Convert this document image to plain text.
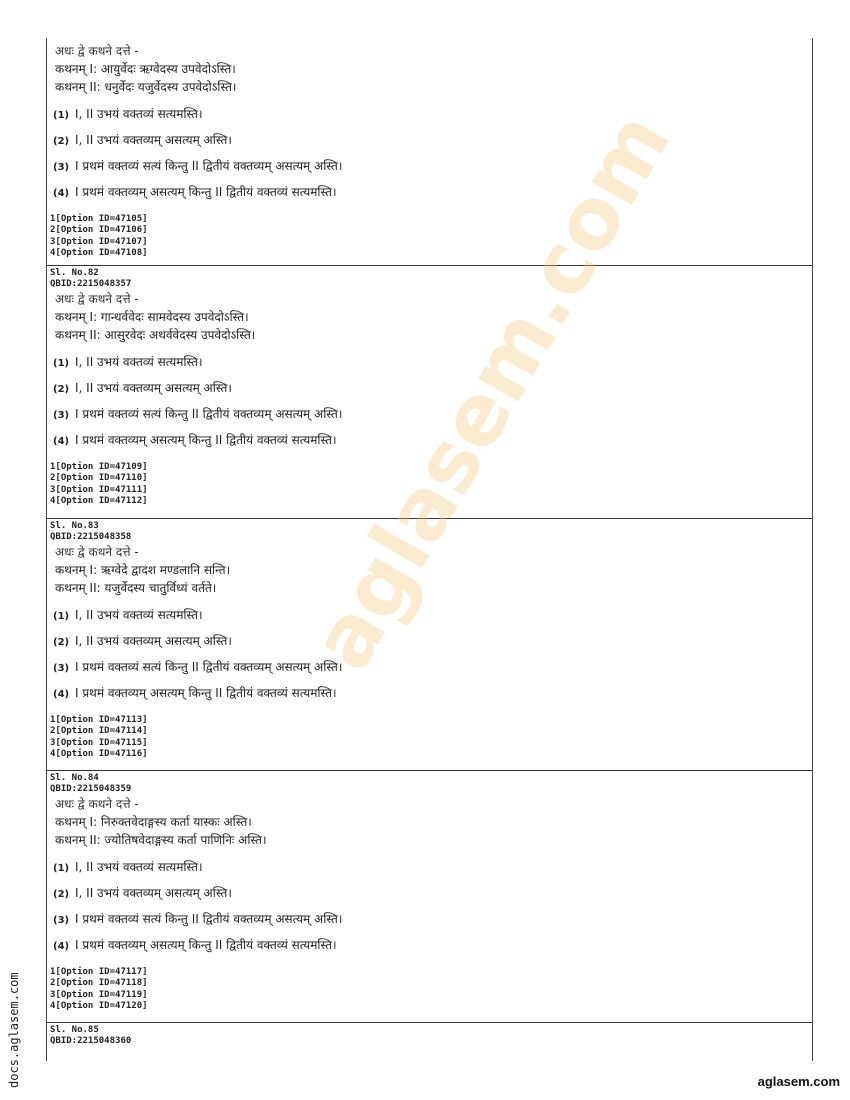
अधः द्वे कथने दत्ते -
कथनम् I: आयुर्वेदः ऋग्वेदस्य उपवेदोऽस्ति।
कथनम् II: धनुर्वेदः यजुर्वेदस्य उपवेदोऽस्ति।
(1) I, II उभयं वक्तव्यं सत्यमस्ति।
(2) I, II उभयं वक्तव्यम् असत्यम् अस्ति।
(3) I प्रथमं वक्तव्यं सत्यं किन्तु II द्वितीयं वक्तव्यम् असत्यम् अस्ति।
(4) I प्रथमं वक्तव्यम् असत्यम् किन्तु II द्वितीयं वक्तव्यं सत्यमस्ति।
1[Option ID=47105]
2[Option ID=47106]
3[Option ID=47107]
4[Option ID=47108]
Sl. No.82
QBID:2215048357
अधः द्वे कथने दत्ते -
कथनम् I: गान्धर्ववेदः सामवेदस्य उपवेदोऽस्ति।
कथनम् II: आसुरवेदः अथर्ववेदस्य उपवेदोऽस्ति।
(1) I, II उभयं वक्तव्यं सत्यमस्ति।
(2) I, II उभयं वक्तव्यम् असत्यम् अस्ति।
(3) I प्रथमं वक्तव्यं सत्यं किन्तु II द्वितीयं वक्तव्यम् असत्यम् अस्ति।
(4) I प्रथमं वक्तव्यम् असत्यम् किन्तु II द्वितीयं वक्तव्यं सत्यमस्ति।
1[Option ID=47109]
2[Option ID=47110]
3[Option ID=47111]
4[Option ID=47112]
Sl. No.83
QBID:2215048358
अधः द्वे कथने दत्ते -
कथनम् I: ऋग्वेदे द्वादश मण्डलानि सन्ति।
कथनम् II: यजुर्वेदस्य चातुर्विध्यं वर्तते।
(1) I, II उभयं वक्तव्यं सत्यमस्ति।
(2) I, II उभयं वक्तव्यम् असत्यम् अस्ति।
(3) I प्रथमं वक्तव्यं सत्यं किन्तु II द्वितीयं वक्तव्यम् असत्यम् अस्ति।
(4) I प्रथमं वक्तव्यम् असत्यम् किन्तु II द्वितीयं वक्तव्यं सत्यमस्ति।
1[Option ID=47113]
2[Option ID=47114]
3[Option ID=47115]
4[Option ID=47116]
Sl. No.84
QBID:2215048359
अधः द्वे कथने दत्ते -
कथनम् I: निरुक्तवेदाङ्गस्य कर्ता यास्कः अस्ति।
कथनम् II: ज्योतिषवेदाङ्गस्य कर्ता पाणिनिः अस्ति।
(1) I, II उभयं वक्तव्यं सत्यमस्ति।
(2) I, II उभयं वक्तव्यम् असत्यम् अस्ति।
(3) I प्रथमं वक्तव्यं सत्यं किन्तु II द्वितीयं वक्तव्यम् असत्यम् अस्ति।
(4) I प्रथमं वक्तव्यम् असत्यम् किन्तु II द्वितीयं वक्तव्यं सत्यमस्ति।
1[Option ID=47117]
2[Option ID=47118]
3[Option ID=47119]
4[Option ID=47120]
Sl. No.85
QBID:2215048360
aglasem.com
docs.aglasem.com	aglasem.com
